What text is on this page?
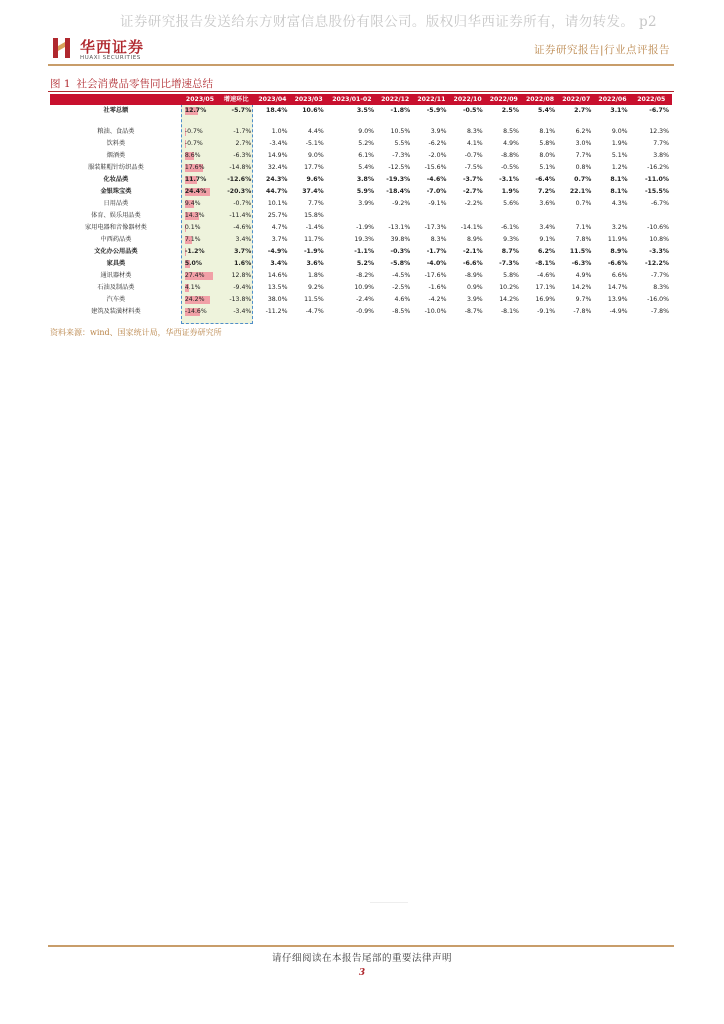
证券研究报告发送给东方财富信息股份有限公司。版权归华西证券所有，请勿转发。 p2
华西证券
HUAXI SECURITIES
证券研究报告|行业点评报告
图 1 社会消费品零售同比增速总结
	2023/05	增速环比	2023/04	2023/03	2023/01-02	2022/12	2022/11	2022/10	2022/09	2022/08	2022/07	2022/06	2022/05
社零总额	12.7%	-5.7%	18.4%	10.6%	3.5%	-1.8%	-5.9%	-0.5%	2.5%	5.4%	2.7%	3.1%	-6.7%

粮油、食品类	-0.7%	-1.7%	1.0%	4.4%	9.0%	10.5%	3.9%	8.3%	8.5%	8.1%	6.2%	9.0%	12.3%
饮料类	-0.7%	2.7%	-3.4%	-5.1%	5.2%	5.5%	-6.2%	4.1%	4.9%	5.8%	3.0%	1.9%	7.7%
烟酒类	8.6%	-6.3%	14.9%	9.0%	6.1%	-7.3%	-2.0%	-0.7%	-8.8%	8.0%	7.7%	5.1%	3.8%
服装鞋帽针纺织品类	17.6%	-14.8%	32.4%	17.7%	5.4%	-12.5%	-15.6%	-7.5%	-0.5%	5.1%	0.8%	1.2%	-16.2%
化妆品类	11.7%	-12.6%	24.3%	9.6%	3.8%	-19.3%	-4.6%	-3.7%	-3.1%	-6.4%	0.7%	8.1%	-11.0%
金银珠宝类	24.4%	-20.3%	44.7%	37.4%	5.9%	-18.4%	-7.0%	-2.7%	1.9%	7.2%	22.1%	8.1%	-15.5%
日用品类	9.4%	-0.7%	10.1%	7.7%	3.9%	-9.2%	-9.1%	-2.2%	5.6%	3.6%	0.7%	4.3%	-6.7%
体育、娱乐用品类	14.3%	-11.4%	25.7%	15.8%									
家用电器和音像器材类	0.1%	-4.6%	4.7%	-1.4%	-1.9%	-13.1%	-17.3%	-14.1%	-6.1%	3.4%	7.1%	3.2%	-10.6%
中西药品类	7.1%	3.4%	3.7%	11.7%	19.3%	39.8%	8.3%	8.9%	9.3%	9.1%	7.8%	11.9%	10.8%
文化办公用品类	-1.2%	3.7%	-4.9%	-1.9%	-1.1%	-0.3%	-1.7%	-2.1%	8.7%	6.2%	11.5%	8.9%	-3.3%
家具类	5.0%	1.6%	3.4%	3.6%	5.2%	-5.8%	-4.0%	-6.6%	-7.3%	-8.1%	-6.3%	-6.6%	-12.2%
通讯器材类	27.4%	12.8%	14.6%	1.8%	-8.2%	-4.5%	-17.6%	-8.9%	5.8%	-4.6%	4.9%	6.6%	-7.7%
石油及制品类	4.1%	-9.4%	13.5%	9.2%	10.9%	-2.5%	-1.6%	0.9%	10.2%	17.1%	14.2%	14.7%	8.3%
汽车类	24.2%	-13.8%	38.0%	11.5%	-2.4%	4.6%	-4.2%	3.9%	14.2%	16.9%	9.7%	13.9%	-16.0%
建筑及装潢材料类	-14.6%	-3.4%	-11.2%	-4.7%	-0.9%	-8.5%	-10.0%	-8.7%	-8.1%	-9.1%	-7.8%	-4.9%	-7.8%
资料来源：wind、国家统计局，华西证券研究所
请仔细阅读在本报告尾部的重要法律声明
3
